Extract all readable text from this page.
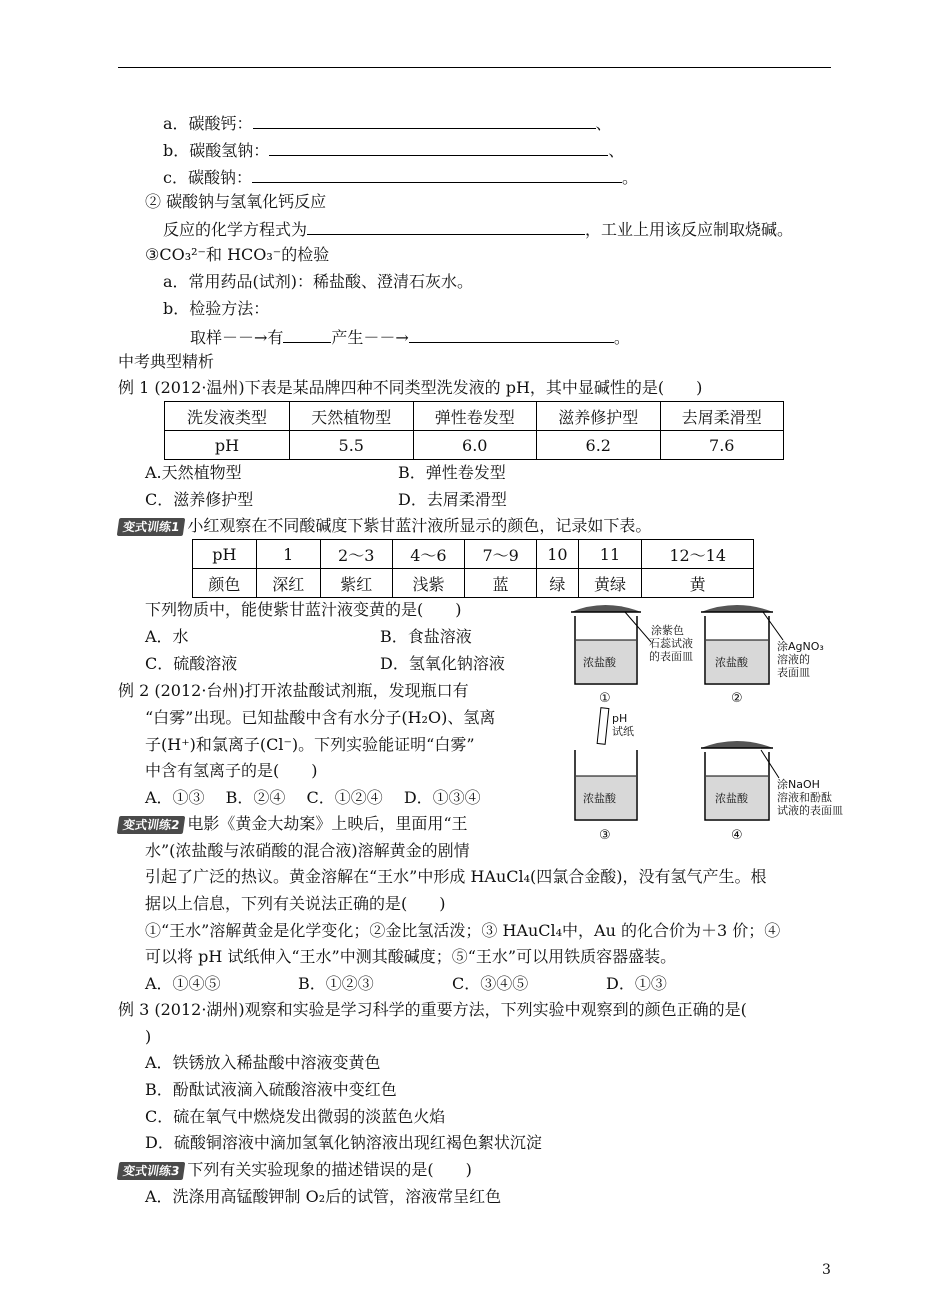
a．碳酸钙：	、
b．碳酸氢钠：	、
c．碳酸钠：	。
② 碳酸钠与氢氧化钙反应
反应的化学方程式为	，工业上用该反应制取烧碱。
③CO₃²⁻和 HCO₃⁻的检验
a．常用药品(试剂)：稀盐酸、澄清石灰水。
b．检验方法：
取样－－→有	产生－－→	。
中考典型精析
例 1 (2012·温州)下表是某品牌四种不同类型洗发液的 pH，其中显碱性的是(　　)
洗发液类型	天然植物型	弹性卷发型	滋养修护型	去屑柔滑型
pH	5.5	6.0	6.2	7.6
A.天然植物型	B．弹性卷发型
C．滋养修护型	D．去屑柔滑型
变式训练1 小红观察在不同酸碱度下紫甘蓝汁液所显示的颜色，记录如下表。
pH	1	2～3	4～6	7～9	10	11	12～14
颜色	深红	紫红	浅紫	蓝	绿	黄绿	黄
下列物质中，能使紫甘蓝汁液变黄的是(　　)
A．水	B．食盐溶液
C．硫酸溶液	D．氢氧化钠溶液
例 2 (2012·台州)打开浓盐酸试剂瓶，发现瓶口有
“白雾”出现。已知盐酸中含有水分子(H₂O)、氢离
子(H⁺)和氯离子(Cl⁻)。下列实验能证明“白雾”
中含有氢离子的是(　　)
A．①③　 B．②④　 C．①②④　 D．①③④
浓盐酸
涂紫色
石蕊试液
的表面皿
①
浓盐酸
涂AgNO₃
溶液的
表面皿
②
pH
试纸
浓盐酸
③
浓盐酸
涂NaOH
溶液和酚酞
试液的表面皿
④
变式训练2 电影《黄金大劫案》上映后，里面用“王
水”(浓盐酸与浓硝酸的混合液)溶解黄金的剧情
引起了广泛的热议。黄金溶解在“王水”中形成 HAuCl₄(四氯合金酸)，没有氢气产生。根
据以上信息，下列有关说法正确的是(　　)
①“王水”溶解黄金是化学变化；②金比氢活泼；③ HAuCl₄中，Au 的化合价为＋3 价；④
可以将 pH 试纸伸入“王水”中测其酸碱度；⑤“王水”可以用铁质容器盛装。
A．①④⑤	B．①②③	C．③④⑤	D．①③
例 3 (2012·湖州)观察和实验是学习科学的重要方法，下列实验中观察到的颜色正确的是(
)
A．铁锈放入稀盐酸中溶液变黄色
B．酚酞试液滴入硫酸溶液中变红色
C．硫在氧气中燃烧发出微弱的淡蓝色火焰
D．硫酸铜溶液中滴加氢氧化钠溶液出现红褐色絮状沉淀
变式训练3 下列有关实验现象的描述错误的是(　　)
A．洗涤用高锰酸钾制 O₂后的试管，溶液常呈红色
3
